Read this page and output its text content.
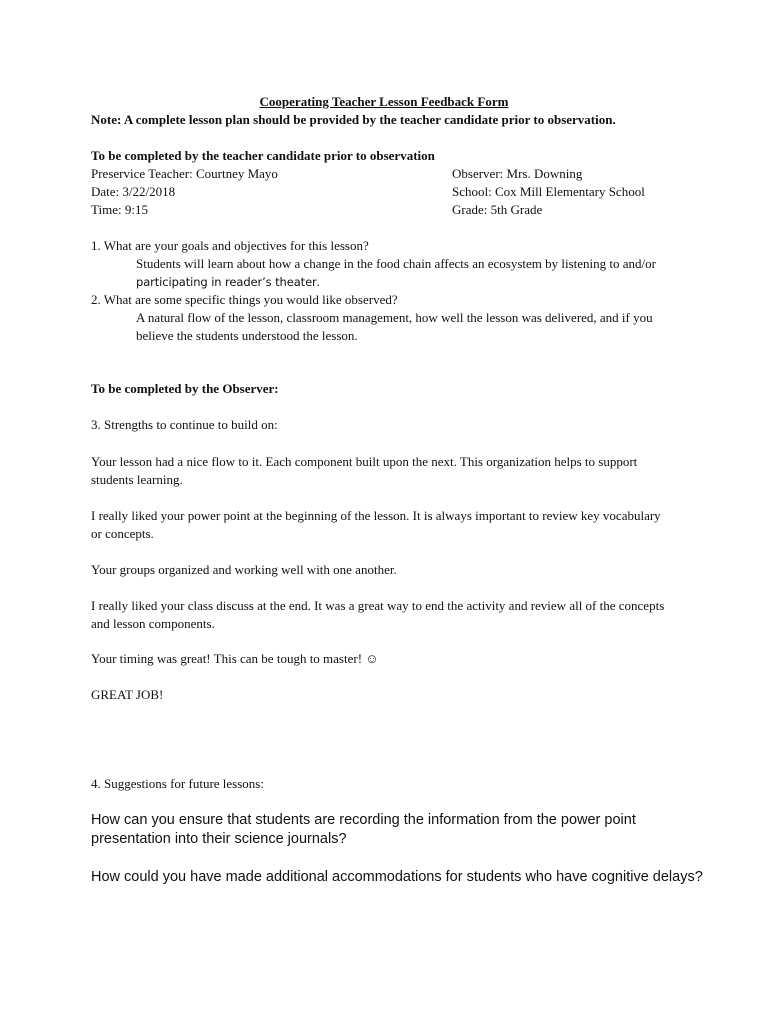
Cooperating Teacher Lesson Feedback Form
Note: A complete lesson plan should be provided by the teacher candidate prior to observation.
To be completed by the teacher candidate prior to observation
Preservice Teacher: Courtney Mayo
Date: 3/22/2018
Time: 9:15
Observer: Mrs. Downing
School: Cox Mill Elementary School
Grade: 5th Grade
1. What are your goals and objectives for this lesson?
Students will learn about how a change in the food chain affects an ecosystem by listening to and/or
participating in reader’s theater.
2. What are some specific things you would like observed?
A natural flow of the lesson, classroom management, how well the lesson was delivered, and if you
believe the students understood the lesson.
To be completed by the Observer:
3. Strengths to continue to build on:
Your lesson had a nice flow to it. Each component built upon the next. This organization helps to support
students learning.
I really liked your power point at the beginning of the lesson. It is always important to review key vocabulary
or concepts.
Your groups organized and working well with one another.
I really liked your class discuss at the end. It was a great way to end the activity and review all of the concepts
and lesson components.
Your timing was great! This can be tough to master! ☺
GREAT JOB!
4. Suggestions for future lessons:
How can you ensure that students are recording the information from the power point
presentation into their science journals?
How could you have made additional accommodations for students who have cognitive delays?
